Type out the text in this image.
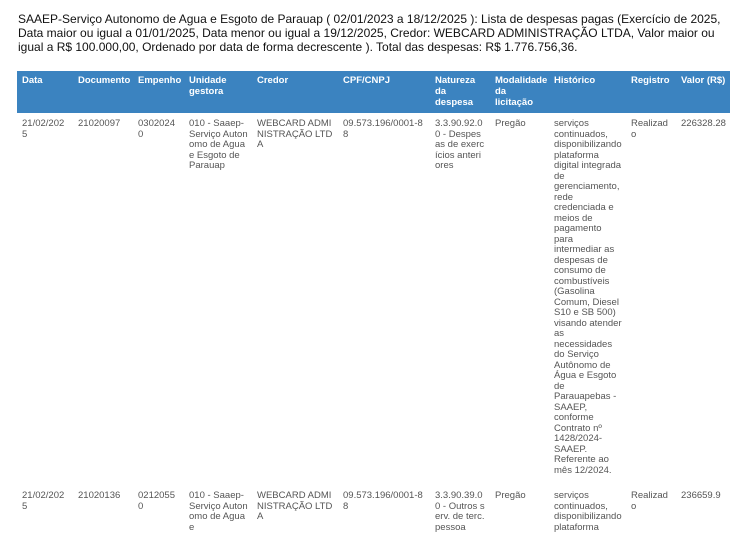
SAAEP-Serviço Autonomo de Agua e Esgoto de Parauap ( 02/01/2023 a 18/12/2025 ): Lista de despesas pagas (Exercício de 2025, Data maior ou igual a 01/01/2025, Data menor ou igual a 19/12/2025, Credor: WEBCARD ADMINISTRAÇÃO LTDA, Valor maior ou igual a R$ 100.000,00, Ordenado por data de forma decrescente ). Total das despesas: R$ 1.776.756,36.
Data	Documento	Empenho	Unidade gestora	Credor	CPF/CNPJ	Natureza da despesa	Modalidade da licitação	Histórico	Registro	Valor (R$)
21/02/2025	21020097	03020240	010 - Saaep-Serviço Autonomo de Agua e Esgoto de Parauap	WEBCARD ADMINISTRAÇÃO LTDA	09.573.196/0001-88	3.3.90.92.00 - Despesas de exercícios anteriores	Pregão	serviços continuados, disponibilizando plataforma digital integrada de gerenciamento, rede credenciada e meios de pagamento para intermediar as despesas de consumo de combustíveis (Gasolina Comum, Diesel S10 e SB 500) visando atender as necessidades do Serviço Autônomo de Água e Esgoto de Parauapebas - SAAEP, conforme Contrato nº 1428/2024-SAAEP. Referente ao mês 12/2024.	Realizado	226328.28
21/02/2025	21020136	02120550	010 - Saaep-Serviço Autonomo de Agua e	WEBCARD ADMINISTRAÇÃO LTDA	09.573.196/0001-88	3.3.90.39.00 - Outros serv. de terc. pessoa	Pregão	serviços continuados, disponibilizando plataforma	Realizado	236659.9
